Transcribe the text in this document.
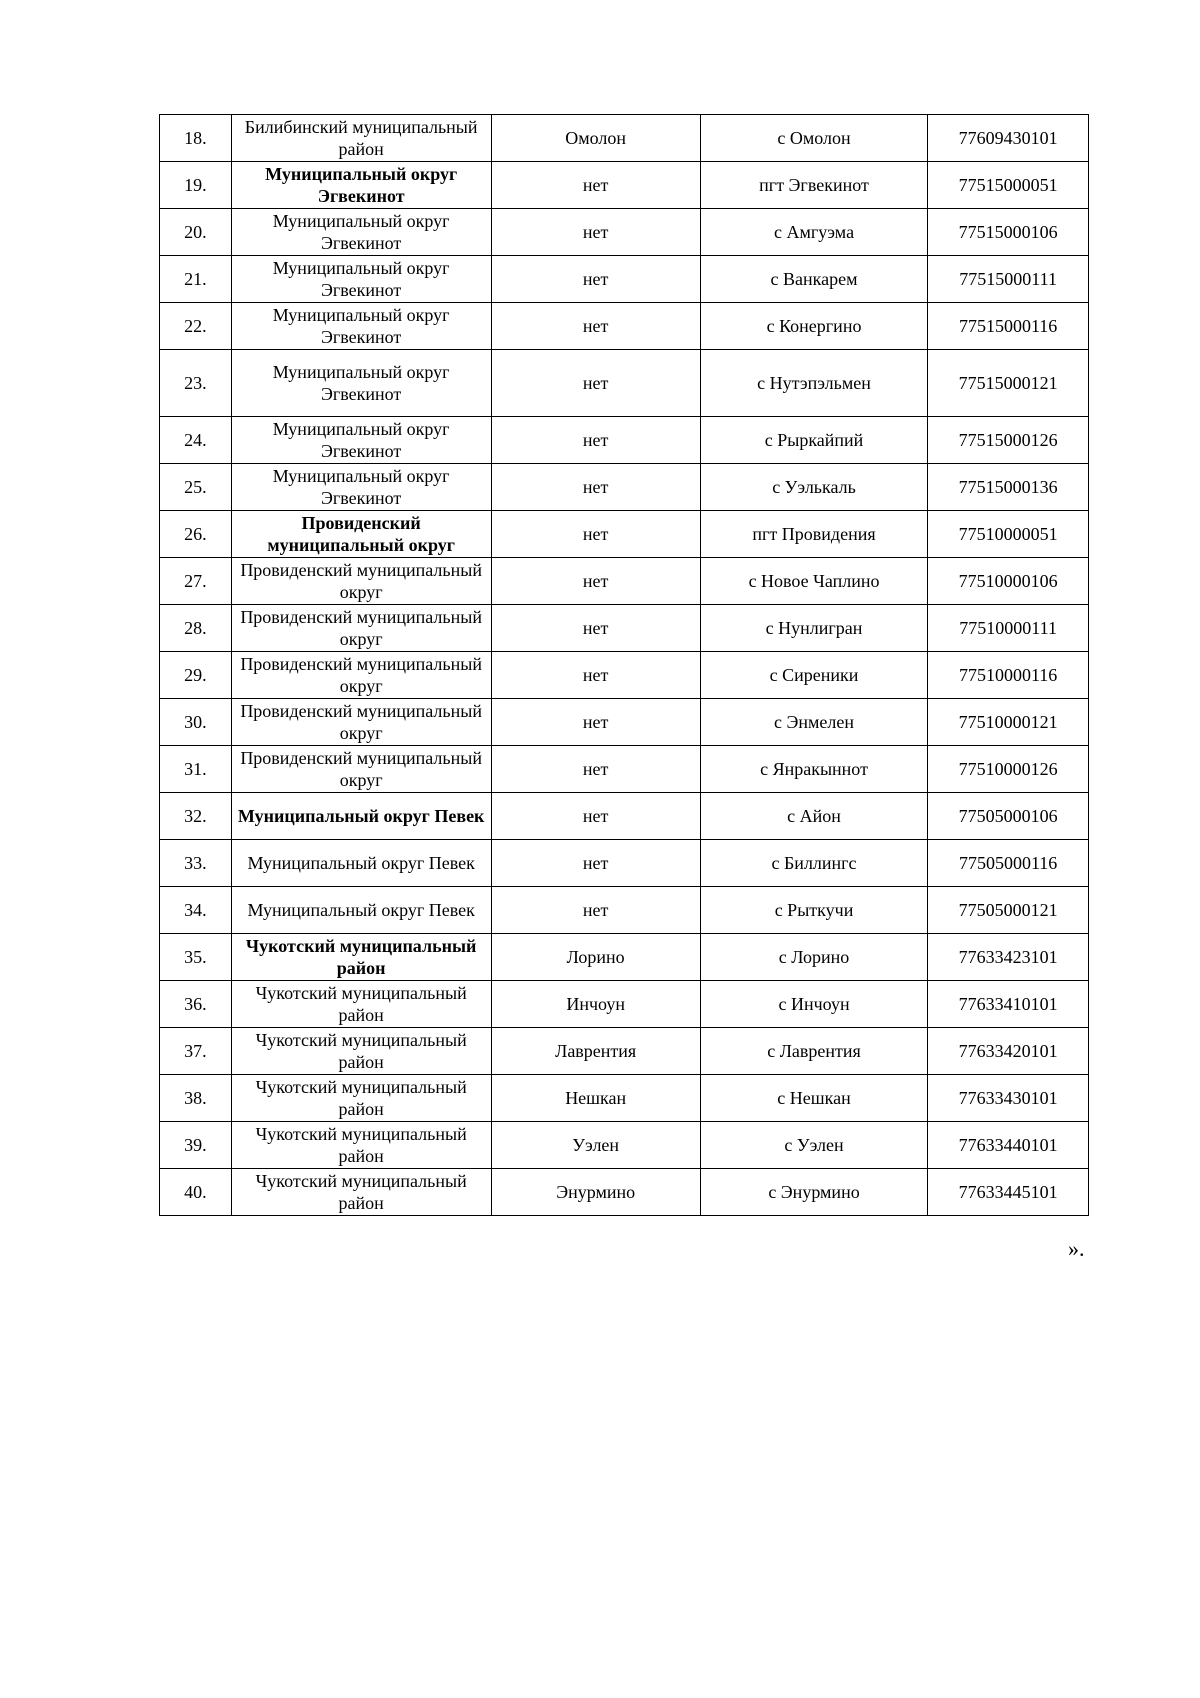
18.	Билибинский муниципальный район	Омолон	с Омолон	77609430101
19.	Муниципальный округ Эгвекинот	нет	пгт Эгвекинот	77515000051
20.	Муниципальный округ Эгвекинот	нет	с Амгуэма	77515000106
21.	Муниципальный округ Эгвекинот	нет	с Ванкарем	77515000111
22.	Муниципальный округ Эгвекинот	нет	с Конергино	77515000116
23.	Муниципальный округ Эгвекинот	нет	с Нутэпэльмен	77515000121
24.	Муниципальный округ Эгвекинот	нет	с Рыркайпий	77515000126
25.	Муниципальный округ Эгвекинот	нет	с Уэлькаль	77515000136
26.	Провиденский муниципальный округ	нет	пгт Провидения	77510000051
27.	Провиденский муниципальный округ	нет	с Новое Чаплино	77510000106
28.	Провиденский муниципальный округ	нет	с Нунлигран	77510000111
29.	Провиденский муниципальный округ	нет	с Сиреники	77510000116
30.	Провиденский муниципальный округ	нет	с Энмелен	77510000121
31.	Провиденский муниципальный округ	нет	с Янракыннот	77510000126
32.	Муниципальный округ Певек	нет	с Айон	77505000106
33.	Муниципальный округ Певек	нет	с Биллингс	77505000116
34.	Муниципальный округ Певек	нет	с Рыткучи	77505000121
35.	Чукотский муниципальный район	Лорино	с Лорино	77633423101
36.	Чукотский муниципальный район	Инчоун	с Инчоун	77633410101
37.	Чукотский муниципальный район	Лаврентия	с Лаврентия	77633420101
38.	Чукотский муниципальный район	Нешкан	с Нешкан	77633430101
39.	Чукотский муниципальный район	Уэлен	с Уэлен	77633440101
40.	Чукотский муниципальный район	Энурмино	с Энурмино	77633445101
».
